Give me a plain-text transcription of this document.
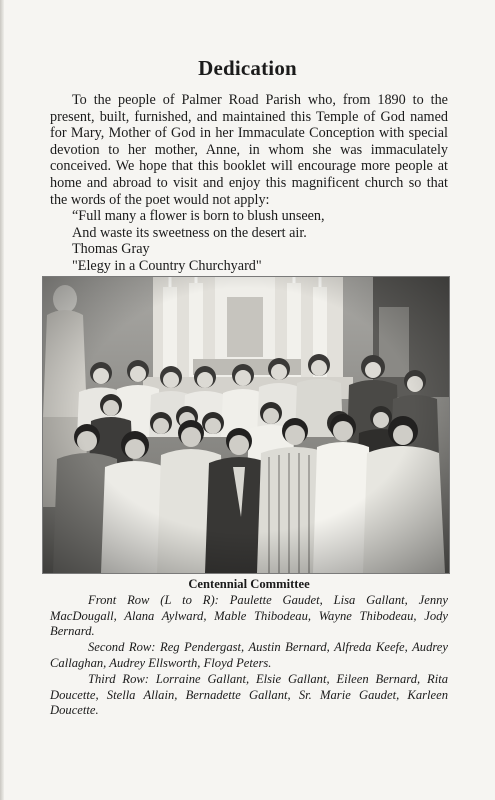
Dedication

To the people of Palmer Road Parish who, from 1890 to the present, built, furnished, and maintained this Temple of God named for Mary, Mother of God in her Immaculate Conception with special devotion to her mother, Anne, in whom she was immaculately conceived. We hope that this booklet will encourage more people at home and abroad to visit and enjoy this magnificent church so that the words of the poet would not apply:

“Full many a flower is born to blush unseen,
And waste its sweetness on the desert air.
Thomas Gray
"Elegy in a Country Churchyard"

Centennial Committee

Front Row (L to R): Paulette Gaudet, Lisa Gallant, Jenny MacDougall, Alana Aylward, Mable Thibodeau, Wayne Thibodeau, Jody Bernard.

Second Row: Reg Pendergast, Austin Bernard, Alfreda Keefe, Audrey Callaghan, Audrey Ellsworth, Floyd Peters.

Third Row: Lorraine Gallant, Elsie Gallant, Eileen Bernard, Rita Doucette, Stella Allain, Bernadette Gallant, Sr. Marie Gaudet, Karleen Doucette.
